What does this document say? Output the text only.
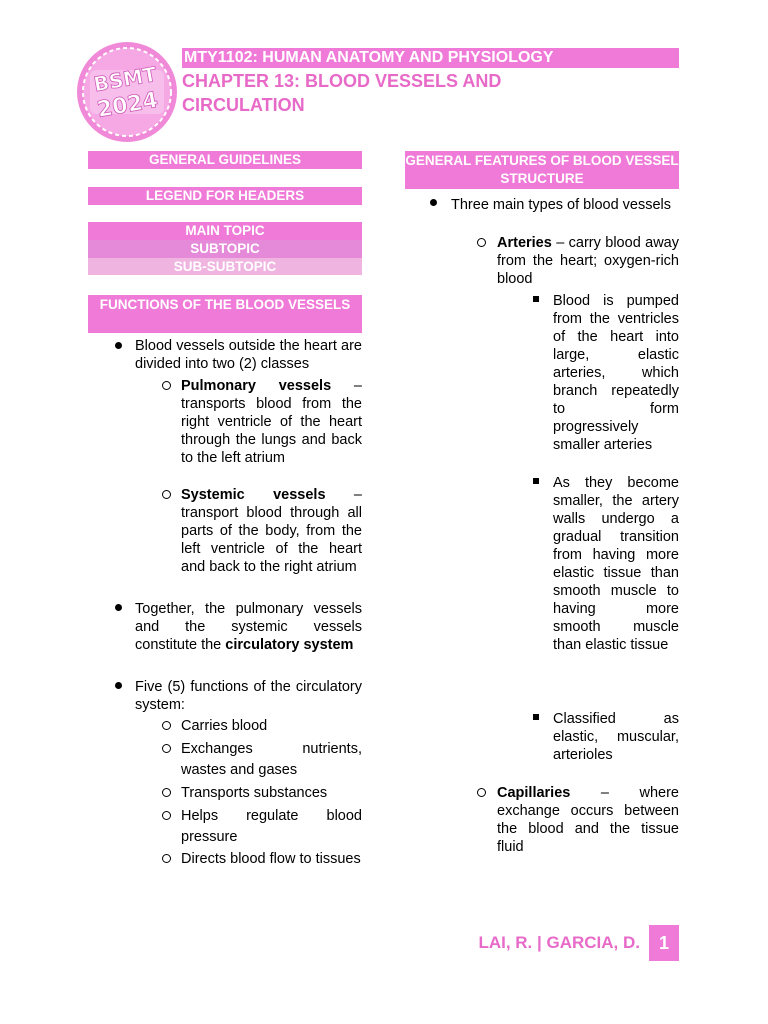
BSMT
2024
MTY1102: HUMAN ANATOMY AND PHYSIOLOGY
CHAPTER 13: BLOOD VESSELS AND CIRCULATION
GENERAL GUIDELINES
LEGEND FOR HEADERS
MAIN TOPIC
SUBTOPIC
SUB-SUBTOPIC
FUNCTIONS OF THE BLOOD VESSELS
Blood vessels outside the heart are divided into two (2) classes
Pulmonary vessels – transports blood from the right ventricle of the heart through the lungs and back to the left atrium
Systemic vessels – transport blood through all parts of the body, from the left ventricle of the heart and back to the right atrium
Together, the pulmonary vessels and the systemic vessels constitute the circulatory system
Five (5) functions of the circulatory system:
Carries blood
Exchanges nutrients, wastes and gases
Transports substances
Helps regulate blood pressure
Directs blood flow to tissues
GENERAL FEATURES OF BLOOD VESSEL STRUCTURE
Three main types of blood vessels
Arteries – carry blood away from the heart; oxygen-rich blood
Blood is pumped from the ventricles of the heart into large, elastic arteries, which branch repeatedly to form progressively smaller arteries
As they become smaller, the artery walls undergo a gradual transition from having more elastic tissue than smooth muscle to having more smooth muscle than elastic tissue
Classified as elastic, muscular, arterioles
Capillaries – where exchange occurs between the blood and the tissue fluid
LAI, R. | GARCIA, D.	1
